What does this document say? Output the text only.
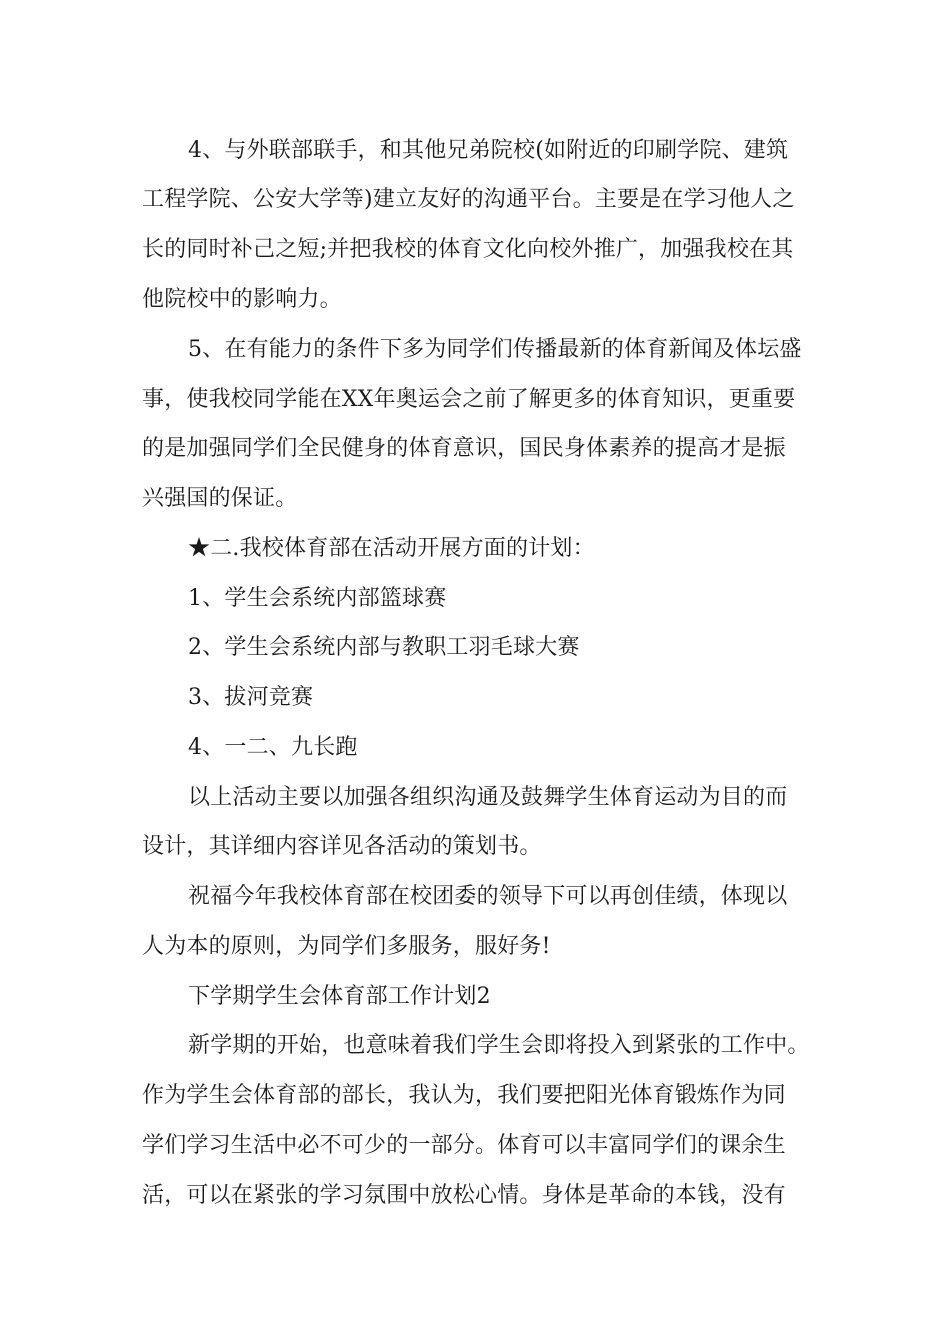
4、与外联部联手，和其他兄弟院校(如附近的印刷学院、建筑
工程学院、公安大学等)建立友好的沟通平台。主要是在学习他人之
长的同时补己之短;并把我校的体育文化向校外推广，加强我校在其
他院校中的影响力。
5、在有能力的条件下多为同学们传播最新的体育新闻及体坛盛
事，使我校同学能在XX年奥运会之前了解更多的体育知识，更重要
的是加强同学们全民健身的体育意识，国民身体素养的提高才是振
兴强国的保证。
★二.我校体育部在活动开展方面的计划：
1、学生会系统内部篮球赛
2、学生会系统内部与教职工羽毛球大赛
3、拔河竞赛
4、一二、九长跑
以上活动主要以加强各组织沟通及鼓舞学生体育运动为目的而
设计，其详细内容详见各活动的策划书。
祝福今年我校体育部在校团委的领导下可以再创佳绩，体现以
人为本的原则，为同学们多服务，服好务!
下学期学生会体育部工作计划2
新学期的开始，也意味着我们学生会即将投入到紧张的工作中。
作为学生会体育部的部长，我认为，我们要把阳光体育锻炼作为同
学们学习生活中必不可少的一部分。体育可以丰富同学们的课余生
活，可以在紧张的学习氛围中放松心情。身体是革命的本钱，没有
